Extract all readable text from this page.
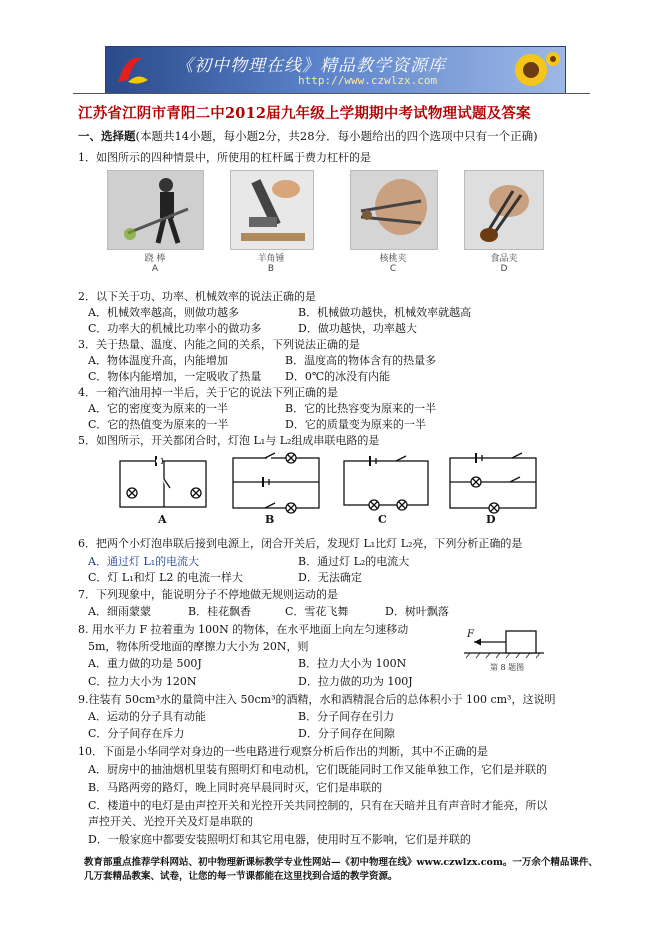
《初中物理在线》精品教学资源库
http://www.czwlzx.com
江苏省江阴市青阳二中2012届九年级上学期期中考试物理试题及答案
一、选择题(本题共14小题，每小题2分，共28分．每小题给出的四个选项中只有一个正确)
1．如图所示的四种情景中，所使用的杠杆属于费力杠杆的是
跷 棒
A
羊角锤
B
核桃夹
C
食品夹
D
2．以下关于功、功率、机械效率的说法正确的是
A．机械效率越高，则做功越多	B．机械做功越快，机械效率就越高
C．功率大的机械比功率小的做功多	D．做功越快，功率越大
3．关于热量、温度、内能之间的关系，下列说法正确的是
A．物体温度升高，内能增加	B．温度高的物体含有的热量多
C．物体内能增加，一定吸收了热量 D．0℃的冰没有内能
4．一箱汽油用掉一半后，关于它的说法下列正确的是
A．它的密度变为原来的一半	B．它的比热容变为原来的一半
C．它的热值变为原来的一半	D．它的质量变为原来的一半
5．如图所示，开关都闭合时，灯泡 L₁与 L₂组成串联电路的是
A	B	C	D
6．把两个小灯泡串联后接到电源上，闭合开关后，发现灯 L₁比灯 L₂亮，下列分析正确的是
A．通过灯 L₁的电流大	B．通过灯 L₂的电流大
C．灯 L₁和灯 L2 的电流一样大	D．无法确定
7．下列现象中，能说明分子不停地做无规则运动的是
A．细雨蒙蒙	B．桂花飘香	C．雪花飞舞	D．树叶飘落
8. 用水平力 F 拉着重为 100N 的物体，在水平地面上向左匀速移动
5m，物体所受地面的摩擦力大小为 20N，则
A．重力做的功是 500J	B．拉力大小为 100N
C．拉力大小为 120N	D．拉力做的功为 100J
F
第 8 题图
9.往装有 50cm³水的量筒中注入 50cm³的酒精，水和酒精混合后的总体积小于 100 cm³，这说明
A．运动的分子具有动能	B．分子间存在引力
C．分子间存在斥力	D．分子间存在间隙
10．下面是小华同学对身边的一些电路进行观察分析后作出的判断，其中不正确的是
A．厨房中的抽油烟机里装有照明灯和电动机，它们既能同时工作又能单独工作，它们是并联的
B．马路两旁的路灯，晚上同时亮早晨同时灭，它们是串联的
C．楼道中的电灯是由声控开关和光控开关共同控制的，只有在天暗并且有声音时才能亮，所以
声控开关、光控开关及灯是串联的
D．一般家庭中都要安装照明灯和其它用电器，使用时互不影响，它们是并联的
教育部重点推荐学科网站、初中物理新课标教学专业性网站—《初中物理在线》www.czwlzx.com。一万余个精品课件、
几万套精品教案、试卷，让您的每一节课都能在这里找到合适的教学资源。
